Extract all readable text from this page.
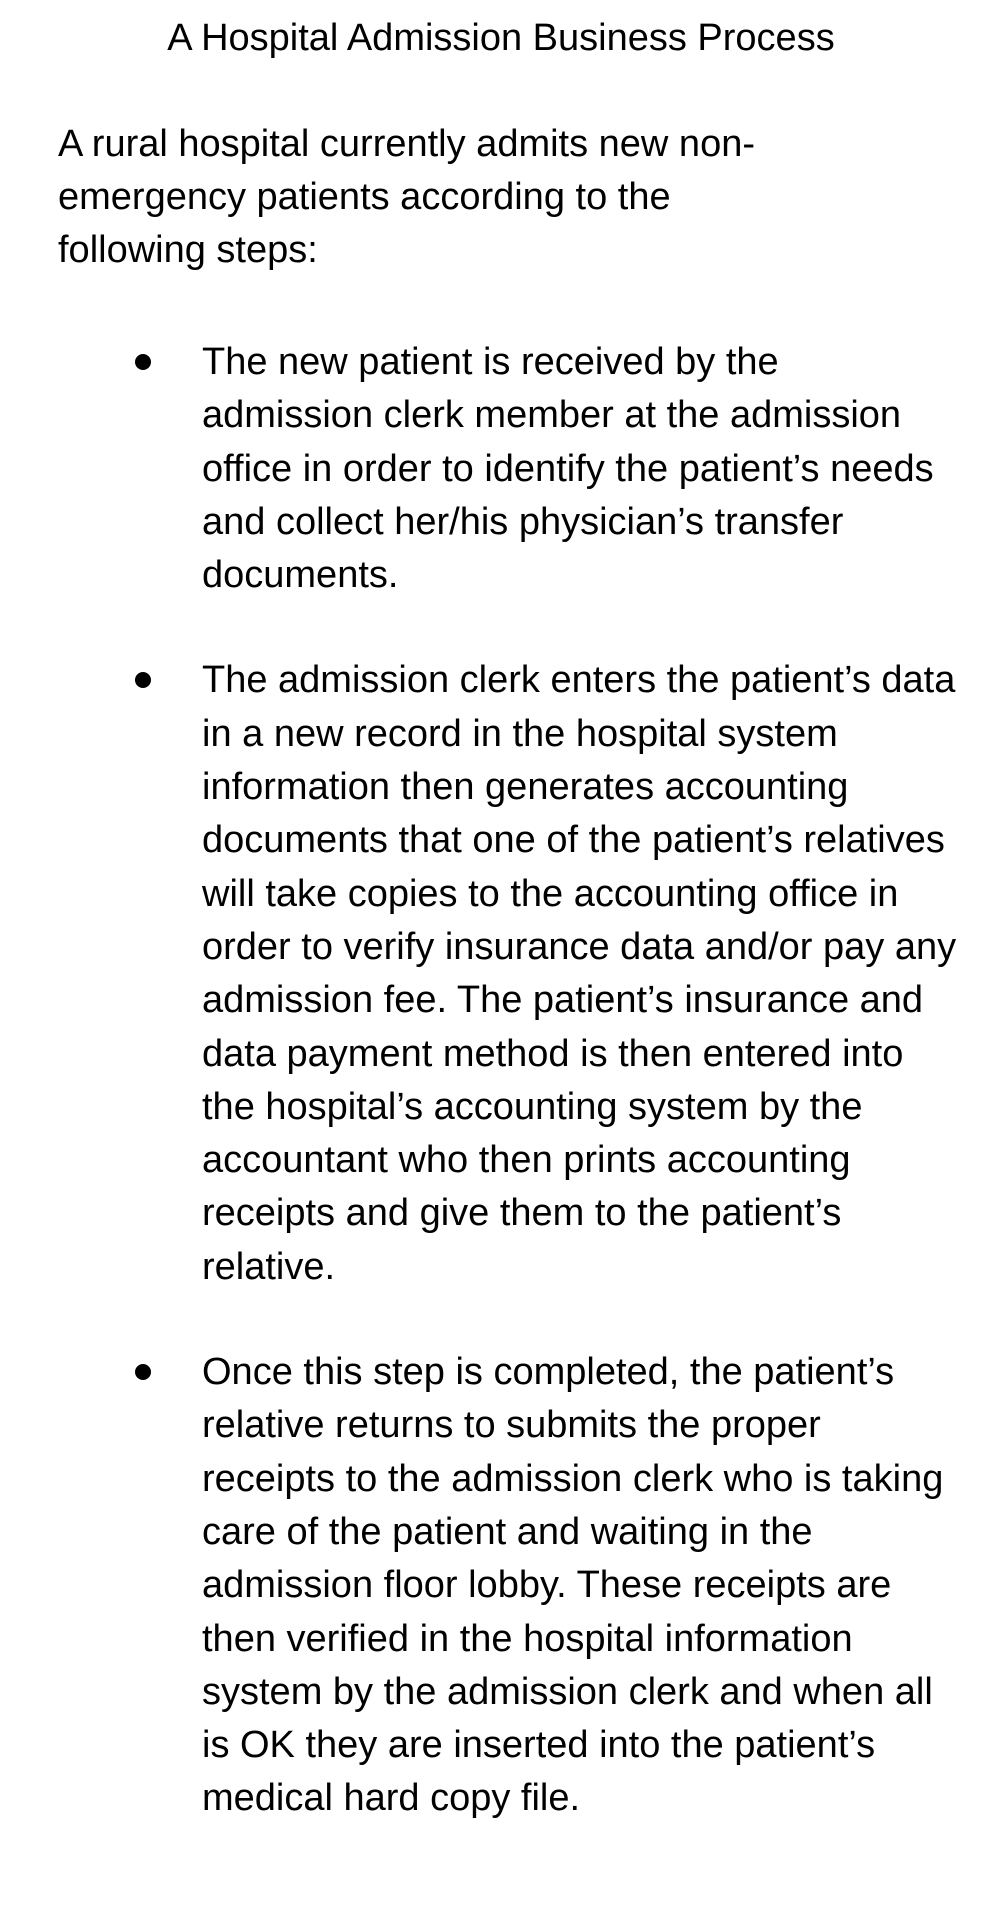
A Hospital Admission Business Process

A rural hospital currently admits new non-emergency patients according to the following steps:

The new patient is received by the admission clerk member at the admission office in order to identify the patient’s needs and collect her/his physician’s transfer documents.
The admission clerk enters the patient’s data in a new record in the hospital system information then generates accounting documents that one of the patient’s relatives will take copies to the accounting office in order to verify insurance data and/or pay any admission fee. The patient’s insurance and data payment method is then entered into the hospital’s accounting system by the accountant who then prints accounting receipts and give them to the patient’s relative.
Once this step is completed, the patient’s relative returns to submits the proper receipts to the admission clerk who is taking care of the patient and waiting in the admission floor lobby. These receipts are then verified in the hospital information system by the admission clerk and when all is OK they are inserted into the patient’s medical hard copy file.
